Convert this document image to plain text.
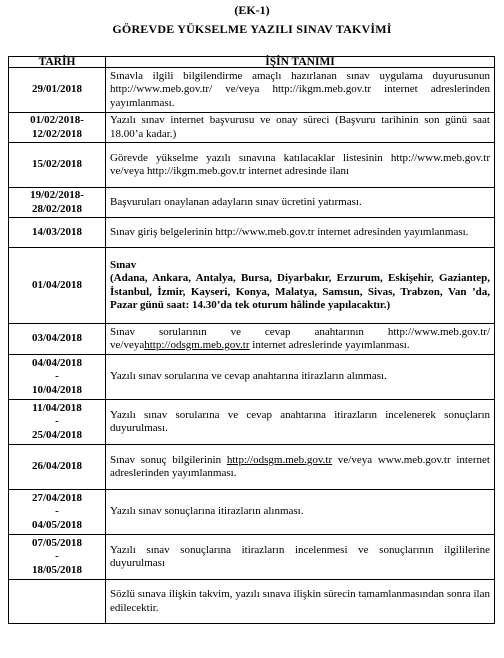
(EK-1)
GÖREVDE YÜKSELME YAZILI SINAV TAKVİMİ
TARİH	İŞİN TANIMI

29/01/2018	Sınavla ilgili bilgilendirme amaçlı hazırlanan sınav uygulama duyurusunun http://www.meb.gov.tr/ ve/veya http://ikgm.meb.gov.tr internet adreslerinden yayımlanması.

01/02/2018-
12/02/2018	Yazılı sınav internet başvurusu ve onay süreci (Başvuru tarihinin son günü saat 18.00’a kadar.)

15/02/2018	Görevde yükselme yazılı sınavına katılacaklar listesinin http://www.meb.gov.tr ve/veya http://ikgm.meb.gov.tr internet adresinde ilanı

19/02/2018-
28/02/2018	Başvuruları onaylanan adayların sınav ücretini yatırması.

14/03/2018	Sınav giriş belgelerinin http://www.meb.gov.tr internet adresinden yayımlanması.

01/04/2018	Sınav
(Adana, Ankara, Antalya, Bursa, Diyarbakır, Erzurum, Eskişehir, Gaziantep, İstanbul, İzmir, Kayseri, Konya, Malatya, Samsun, Sivas, Trabzon, Van ’da, Pazar günü saat: 14.30’da tek oturum hâlinde yapılacaktır.)

03/04/2018	Sınav sorularının ve cevap anahtarının http://www.meb.gov.tr/ ve/veyahttp://odsgm.meb.gov.tr internet adreslerinde yayımlanması.

04/04/2018
-
10/04/2018	Yazılı sınav sorularına ve cevap anahtarına itirazların alınması.

11/04/2018
-
25/04/2018	Yazılı sınav sorularına ve cevap anahtarına itirazların incelenerek sonuçların duyurulması.

26/04/2018	Sınav sonuç bilgilerinin http://odsgm.meb.gov.tr ve/veya www.meb.gov.tr internet adreslerinden yayımlanması.

27/04/2018
-
04/05/2018	Yazılı sınav sonuçlarına itirazların alınması.

07/05/2018
-
18/05/2018	Yazılı sınav sonuçlarına itirazların incelenmesi ve sonuçlarının ilgililerine duyurulması
	Sözlü sınava ilişkin takvim, yazılı sınava ilişkin sürecin tamamlanmasından sonra ilan edilecektir.
